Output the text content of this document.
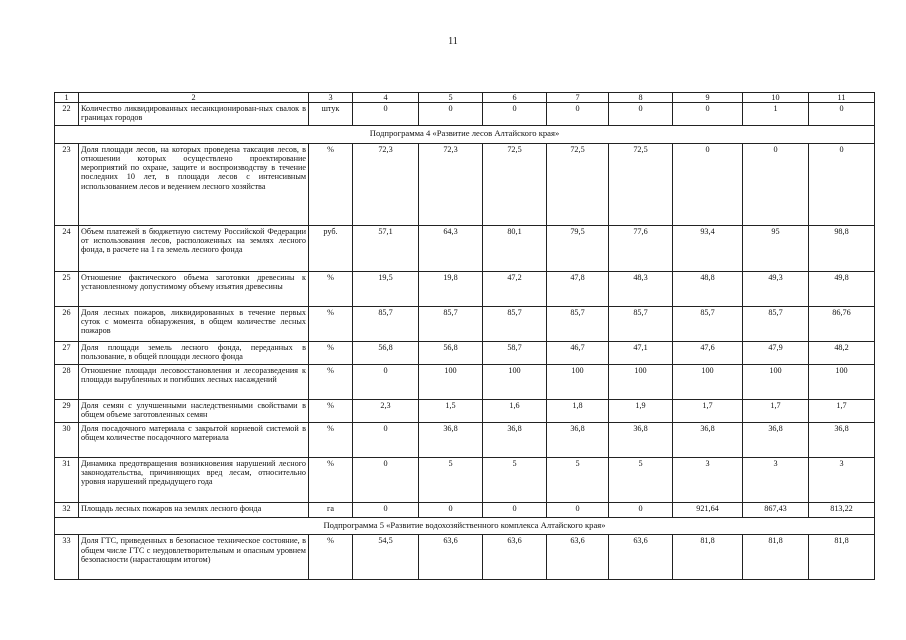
11
1	2	3	4	5	6	7	8	9	10	11
22	Количество ликвидированных несанкционирован-ных свалок в границах городов	штук	0	0	0	0	0	0	1	0
Подпрограмма 4 «Развитие лесов Алтайского края»										
23	Доля площади лесов, на которых проведена таксация лесов, в отношении которых осуществлено проектирование мероприятий по охране, защите и воспроизводству в течение последних 10 лет, в площади лесов с интенсивным использованием лесов и ведением лесного хозяйства	%	72,3	72,3	72,5	72,5	72,5	0	0	0
24	Объем платежей в бюджетную систему Российской Федерации от использования лесов, расположенных на землях лесного фонда, в расчете на 1 га земель лесного фонда	руб.	57,1	64,3	80,1	79,5	77,6	93,4	95	98,8
25	Отношение фактического объема заготовки древесины к установленному допустимому объему изъятия древесины	%	19,5	19,8	47,2	47,8	48,3	48,8	49,3	49,8
26	Доля лесных пожаров, ликвидированных в течение первых суток с момента обнаружения, в общем количестве лесных пожаров	%	85,7	85,7	85,7	85,7	85,7	85,7	85,7	86,76
27	Доля площади земель лесного фонда, переданных в пользование, в общей площади лесного фонда	%	56,8	56,8	58,7	46,7	47,1	47,6	47,9	48,2
28	Отношение площади лесовосстановления и лесоразведения к площади вырубленных и погибших лесных насаждений	%	0	100	100	100	100	100	100	100
29	Доля семян с улучшенными наследственными свойствами в общем объеме заготовленных семян	%	2,3	1,5	1,6	1,8	1,9	1,7	1,7	1,7
30	Доля посадочного материала с закрытой корневой системой в общем количестве посадочного материала	%	0	36,8	36,8	36,8	36,8	36,8	36,8	36,8
31	Динамика предотвращения возникновения нарушений лесного законодательства, причиняющих вред лесам, относительно уровня нарушений предыдущего года	%	0	5	5	5	5	3	3	3
32	Площадь лесных пожаров на землях лесного фонда	га	0	0	0	0	0	921,64	867,43	813,22
Подпрограмма 5 «Развитие водохозяйственного комплекса Алтайского края»										
33	Доля ГТС, приведенных в безопасное техническое состояние, в общем числе ГТС с неудовлетворительным и опасным уровнем безопасности (нарастающим итогом)	%	54,5	63,6	63,6	63,6	63,6	81,8	81,8	81,8
